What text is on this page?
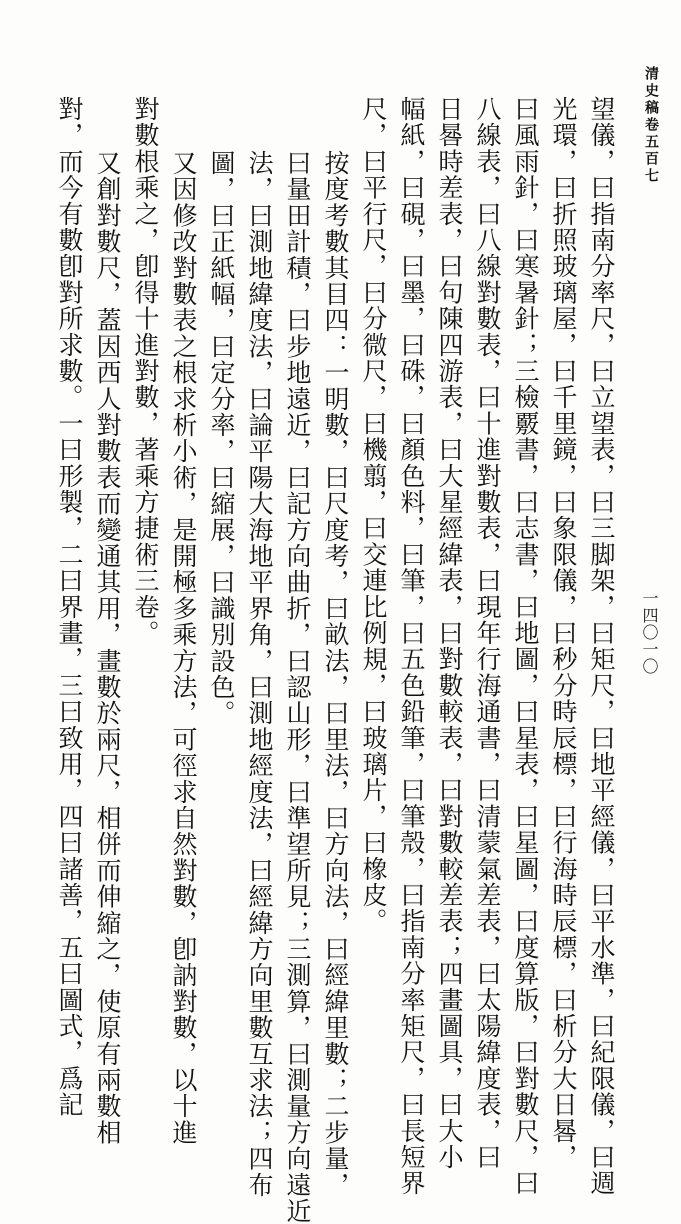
清史稿卷五百七
一四〇一〇
望儀，曰指南分率尺，曰立望表，曰三脚架，曰矩尺，曰地平經儀，曰平水準，曰紀限儀，曰週
光環，曰折照玻璃屋，曰千里鏡，曰象限儀，曰秒分時辰標，曰行海時辰標，曰析分大日晷，
曰風雨針，曰寒暑針；三檢覈書，曰志書，曰地圖，曰星表，曰星圖，曰度算版，曰對數尺，曰
八線表，曰八線對數表，曰十進對數表，曰現年行海通書，曰清蒙氣差表，曰太陽緯度表，曰
日晷時差表，曰句陳四游表，曰大星經緯表，曰對數較表，曰對數較差表；四畫圖具，曰大小
幅紙，曰硯，曰墨，曰硃，曰顏色料，曰筆，曰五色鉛筆，曰筆殼，曰指南分率矩尺，曰長短界
尺，曰平行尺，曰分微尺，曰機翦，曰交連比例規，曰玻璃片，曰橡皮。
按度考數其目四：一明數，曰尺度考，曰畝法，曰里法，曰方向法，曰經緯里數；二步量，
曰量田計積，曰步地遠近，曰記方向曲折，曰認山形，曰準望所見；三測算，曰測量方向遠近
法，曰測地緯度法，曰論平陽大海地平界角，曰測地經度法，曰經緯方向里數互求法；四布
圖，曰正紙幅，曰定分率，曰縮展，曰識別設色。
又因修改對數表之根求析小術，是開極多乘方法，可徑求自然對數，卽訥對數，以十進
對數根乘之，卽得十進對數，著乘方捷術三卷。
又創對數尺，蓋因西人對數表而變通其用，畫數於兩尺，相併而伸縮之，使原有兩數相
對，而今有數卽對所求數。一曰形製，二曰界畫，三曰致用，四曰諸善，五曰圖式，爲記
